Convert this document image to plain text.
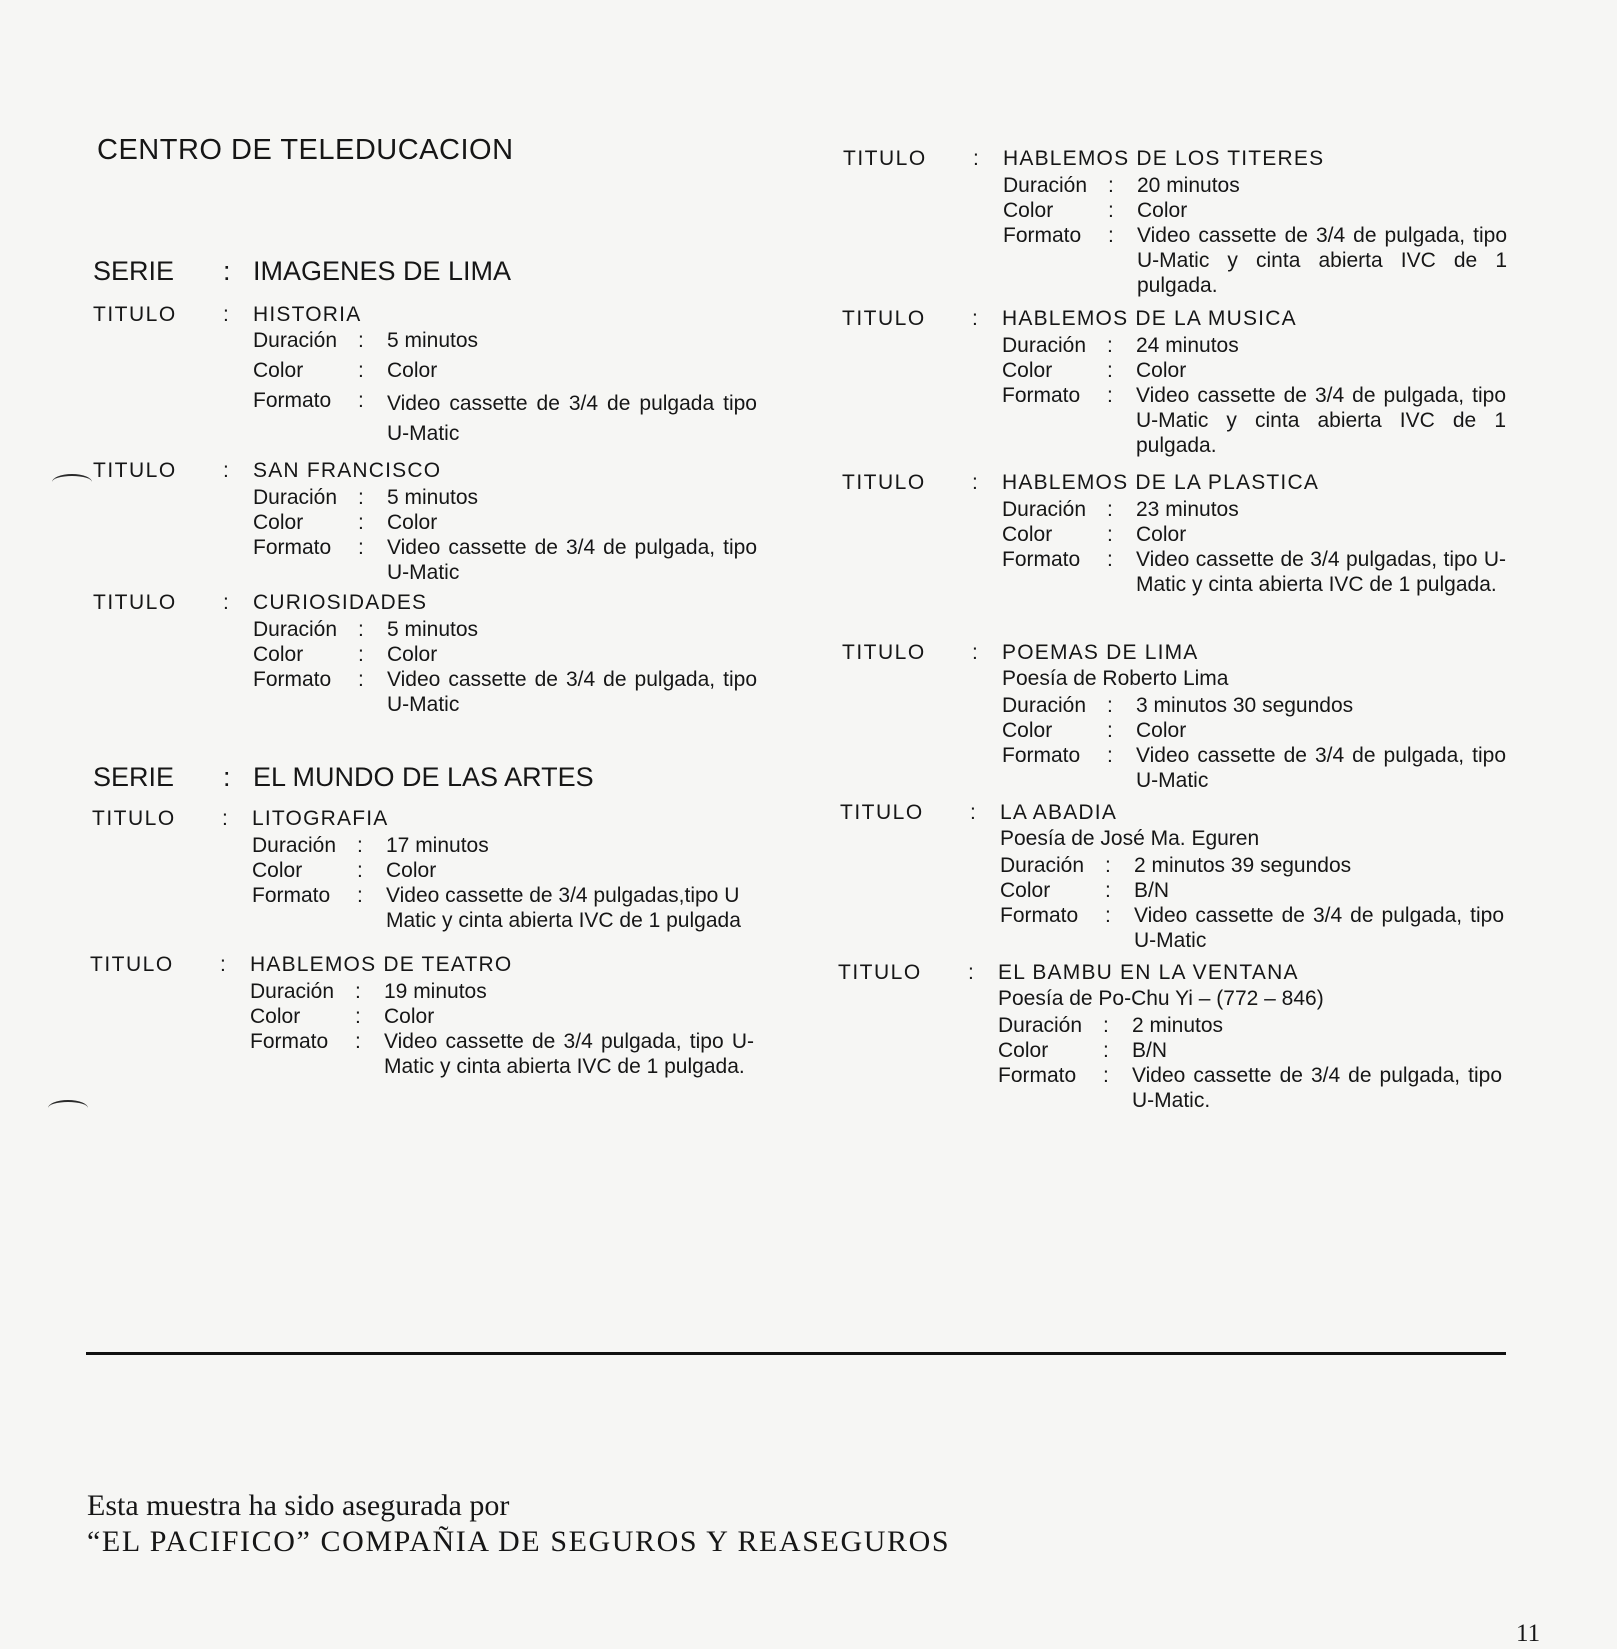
CENTRO DE TELEDUCACION
SERIE	: IMAGENES DE LIMA
TITULO	:	HISTORIA
Duración	:	5 minutos
Color	:	Color
Formato	:	Video cassette de 3/4 de pulgada tipo U-Matic
TITULO	:	SAN FRANCISCO
Duración	:	5 minutos
Color	:	Color
Formato	:	Video cassette de 3/4 de pulgada, tipo U-Matic
TITULO	:	CURIOSIDADES
Duración	:	5 minutos
Color	:	Color
Formato	:	Video cassette de 3/4 de pulgada, tipo U-Matic
SERIE	: EL MUNDO DE LAS ARTES
TITULO	:	LITOGRAFIA
Duración	:	17 minutos
Color	:	Color
Formato	:	Video cassette de 3/4 pulgadas,tipo U Matic y cinta abierta IVC de 1 pulgada
TITULO	:	HABLEMOS DE TEATRO
Duración	:	19 minutos
Color	:	Color
Formato	:	Video cassette de 3/4 pulgada, tipo U-Matic y cinta abierta IVC de 1 pulgada.
TITULO	:	HABLEMOS DE LOS TITERES
Duración	:	20 minutos
Color	:	Color
Formato	:	Video cassette de 3/4 de pulgada, tipo U-Matic y cinta abierta IVC de 1 pulgada.
TITULO	:	HABLEMOS DE LA MUSICA
Duración	:	24 minutos
Color	:	Color
Formato	:	Video cassette de 3/4 de pulgada, tipo U-Matic y cinta abierta IVC de 1 pulgada.
TITULO	:	HABLEMOS DE LA PLASTICA
Duración	:	23 minutos
Color	:	Color
Formato	:	Video cassette de 3/4 pulgadas, tipo U-Matic y cinta abierta IVC de 1 pulgada.
TITULO	:	POEMAS DE LIMA
Poesía de Roberto Lima
Duración	:	3 minutos 30 segundos
Color	:	Color
Formato	:	Video cassette de 3/4 de pulgada, tipo U-Matic
TITULO	:	LA ABADIA
Poesía de José Ma. Eguren
Duración	:	2 minutos 39 segundos
Color	:	B/N
Formato	:	Video cassette de 3/4 de pulgada, tipo U-Matic
TITULO	:	EL BAMBU EN LA VENTANA
Poesía de Po-Chu Yi – (772 – 846)
Duración	:	2 minutos
Color	:	B/N
Formato	:	Video cassette de 3/4 de pulgada, tipo U-Matic.
Esta muestra ha sido asegurada por
“EL PACIFICO” COMPAÑIA DE SEGUROS Y REASEGUROS
11
